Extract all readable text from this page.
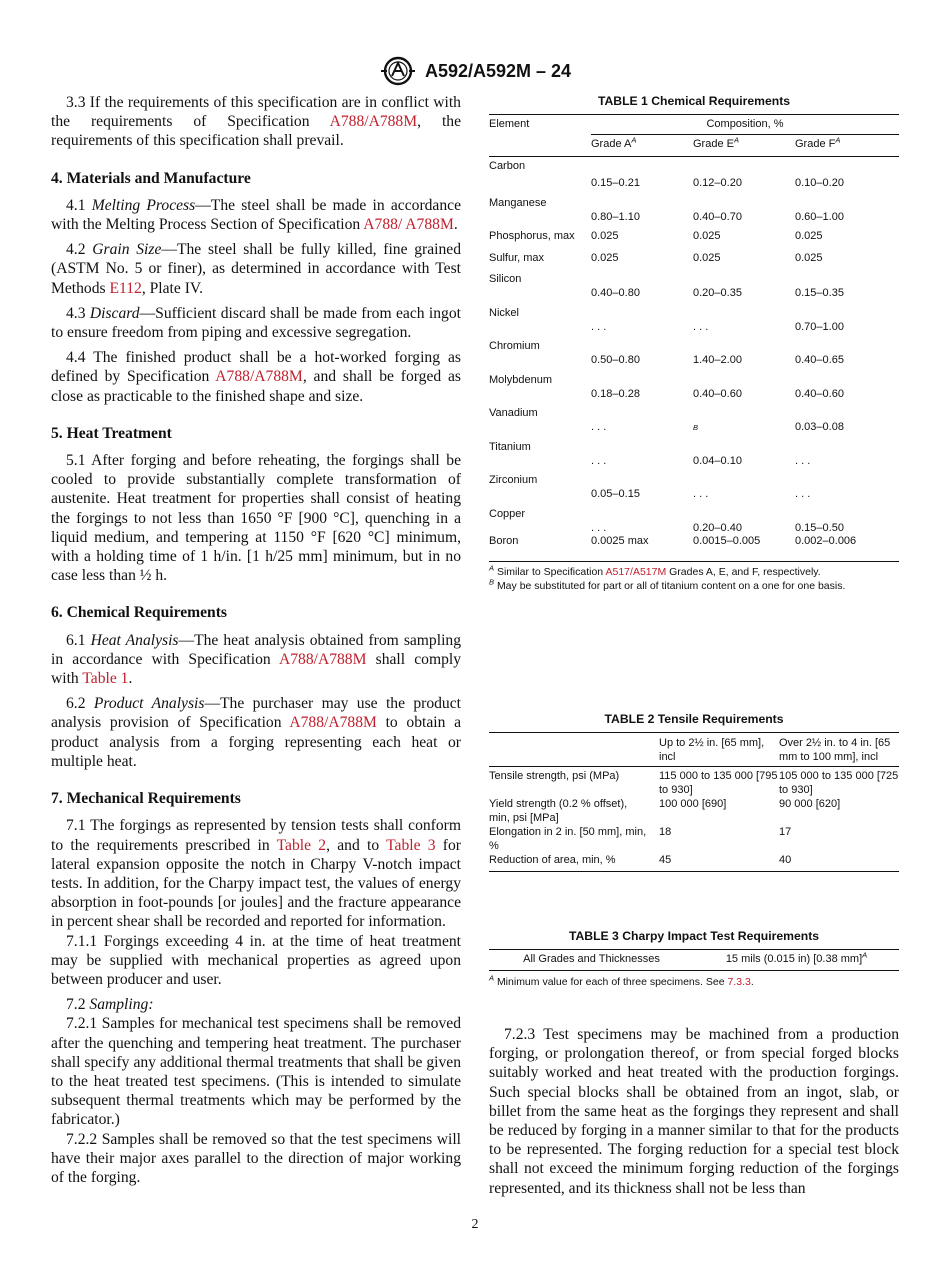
A592/A592M – 24

3.3 If the requirements of this specification are in conflict with the requirements of Specification A788/A788M, the requirements of this specification shall prevail.

4. Materials and Manufacture

4.1 Melting Process—The steel shall be made in accordance with the Melting Process Section of Specification A788/ A788M.

4.2 Grain Size—The steel shall be fully killed, fine grained (ASTM No. 5 or finer), as determined in accordance with Test Methods E112, Plate IV.

4.3 Discard—Sufficient discard shall be made from each ingot to ensure freedom from piping and excessive segregation.

4.4 The finished product shall be a hot-worked forging as defined by Specification A788/A788M, and shall be forged as close as practicable to the finished shape and size.

5. Heat Treatment

5.1 After forging and before reheating, the forgings shall be cooled to provide substantially complete transformation of austenite. Heat treatment for properties shall consist of heating the forgings to not less than 1650 °F [900 °C], quenching in a liquid medium, and tempering at 1150 °F [620 °C] minimum, with a holding time of 1 h/in. [1 h/25 mm] minimum, but in no case less than ½ h.

6. Chemical Requirements

6.1 Heat Analysis—The heat analysis obtained from sampling in accordance with Specification A788/A788M shall comply with Table 1.

6.2 Product Analysis—The purchaser may use the product analysis provision of Specification A788/A788M to obtain a product analysis from a forging representing each heat or multiple heat.

7. Mechanical Requirements

7.1 The forgings as represented by tension tests shall conform to the requirements prescribed in Table 2, and to Table 3 for lateral expansion opposite the notch in Charpy V-notch impact tests. In addition, for the Charpy impact test, the values of energy absorption in foot-pounds [or joules] and the fracture appearance in percent shear shall be recorded and reported for information.

7.1.1 Forgings exceeding 4 in. at the time of heat treatment may be supplied with mechanical properties as agreed upon between producer and user.

7.2 Sampling:

7.2.1 Samples for mechanical test specimens shall be removed after the quenching and tempering heat treatment. The purchaser shall specify any additional thermal treatments that shall be given to the heat treated test specimens. (This is intended to simulate subsequent thermal treatments which may be performed by the fabricator.)

7.2.2 Samples shall be removed so that the test specimens will have their major axes parallel to the direction of major working of the forging.

TABLE 1 Chemical Requirements
Element	Composition, %		
	Grade $A^A$	Grade $E^A$	Grade $F^A$
Carbon	0.15–0.21	0.12–0.20	0.10–0.20
Manganese	0.80–1.10	0.40–0.70	0.60–1.00
Phosphorus, max	0.025	0.025	0.025
Sulfur, max	0.025	0.025	0.025
Silicon	0.40–0.80	0.20–0.35	0.15–0.35
Nickel	. . .	. . .	0.70–1.00
Chromium	0.50–0.80	1.40–2.00	0.40–0.65
Molybdenum	0.18–0.28	0.40–0.60	0.40–0.60
Vanadium	. . .	B	0.03–0.08
Titanium	. . .	0.04–0.10	. . .
Zirconium	0.05–0.15	. . .	. . .
Copper	. . .	0.20–0.40	0.15–0.50
Boron	0.0025 max	0.0015–0.005	0.002–0.006
$^A$ Similar to Specification A517/A517M Grades A, E, and F, respectively.
$^B$ May be substituted for part or all of titanium content on a one for one basis.
TABLE 2 Tensile Requirements
	Up to 2½ in. [65 mm], incl	Over 2½ in. to 4 in. [65 mm to 100 mm], incl
Tensile strength, psi (MPa)	115 000 to 135 000 [795 to 930]	105 000 to 135 000 [725 to 930]
Yield strength (0.2 % offset), min, psi [MPa]	100 000 [690]	90 000 [620]
Elongation in 2 in. [50 mm], min, %	18	17
Reduction of area, min, %	45	40
TABLE 3 Charpy Impact Test Requirements
All Grades and Thicknesses	15 mils (0.015 in) [0.38 mm]$^A$
$^A$ Minimum value for each of three specimens. See 7.3.3.

7.2.3 Test specimens may be machined from a production forging, or prolongation thereof, or from special forged blocks suitably worked and heat treated with the production forgings. Such special blocks shall be obtained from an ingot, slab, or billet from the same heat as the forgings they represent and shall be reduced by forging in a manner similar to that for the products to be represented. The forging reduction for a special test block shall not exceed the minimum forging reduction of the forgings represented, and its thickness shall not be less than

2
